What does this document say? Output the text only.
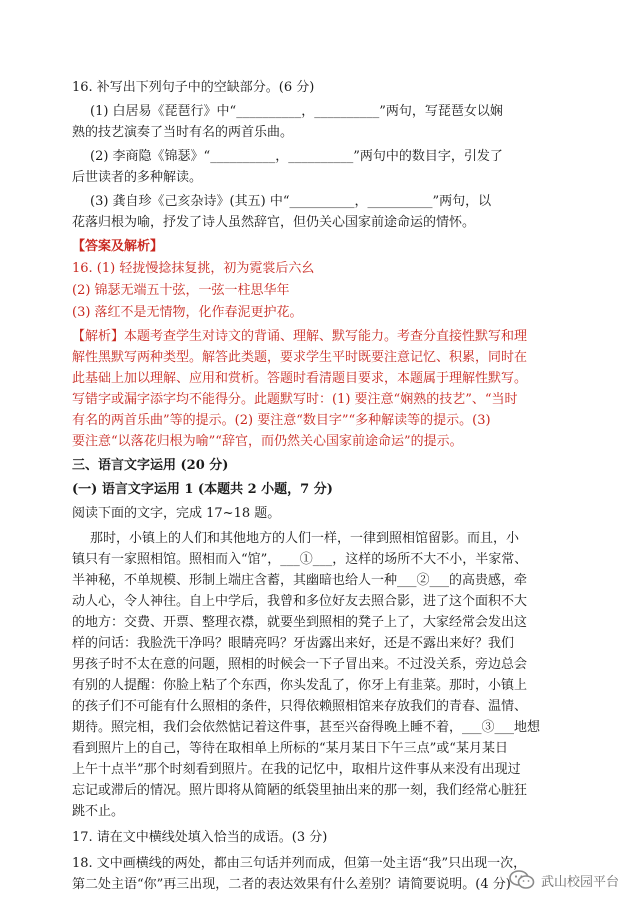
16. 补写出下列句子中的空缺部分。(6 分)
(1) 白居易《琵琶行》中“__________，__________”两句，写琵琶女以娴
熟的技艺演奏了当时有名的两首乐曲。
(2) 李商隐《锦瑟》“__________，__________”两句中的数目字，引发了
后世读者的多种解读。
(3) 龚自珍《己亥杂诗》(其五) 中“__________，__________”两句，以
花落归根为喻，抒发了诗人虽然辞官，但仍关心国家前途命运的情怀。
【答案及解析】
16. (1) 轻拢慢捻抹复挑，初为霓裳后六幺
(2) 锦瑟无端五十弦，一弦一柱思华年
(3) 落红不是无情物，化作春泥更护花。
【解析】本题考查学生对诗文的背诵、理解、默写能力。考查分直接性默写和理
解性黑默写两种类型。解答此类题，要求学生平时既要注意记忆、积累，同时在
此基础上加以理解、应用和赏析。答题时看清题目要求，本题属于理解性默写。
写错字或漏字添字均不能得分。此题默写时：(1) 要注意“娴熟的技艺”、“当时
有名的两首乐曲”等的提示。(2) 要注意“数目字”“多种解读等的提示。(3)
要注意“以落花归根为喻”“辞官，而仍然关心国家前途命运”的提示。
三、语言文字运用 (20 分)
(一) 语言文字运用 1 (本题共 2 小题，7 分)
阅读下面的文字，完成 17~18 题。
那时，小镇上的人们和其他地方的人们一样，一律到照相馆留影。而且，小
镇只有一家照相馆。照相而入“馆”，___①___，这样的场所不大不小，半家常、
半神秘，不单规模、形制上端庄含蓄，其幽暗也给人一种___②___的高贵感，牵
动人心，令人神往。自上中学后，我曾和多位好友去照合影，进了这个面积不大
的地方：交费、开票、整理衣襟，就要坐到照相的凳子上了，大家经常会发出这
样的问话：我脸洗干净吗？眼睛亮吗？牙齿露出来好，还是不露出来好？我们
男孩子时不太在意的问题，照相的时候会一下子冒出来。不过没关系，旁边总会
有别的人提醒：你脸上粘了个东西，你头发乱了，你牙上有韭菜。那时，小镇上
的孩子们不可能有什么照相的条件，只得依赖照相馆来存放我们的青春、温情、
期待。照完相，我们会依然惦记着这件事，甚至兴奋得晚上睡不着，___③___地想
看到照片上的自己，等待在取相单上所标的“某月某日下午三点”或“某月某日
上午十点半”那个时刻看到照片。在我的记忆中，取相片这件事从来没有出现过
忘记或滞后的情况。照片即将从简陋的纸袋里抽出来的那一刻，我们经常心脏狂
跳不止。
17. 请在文中横线处填入恰当的成语。(3 分)
18. 文中画横线的两处，都由三句话并列而成，但第一处主语“我”只出现一次，
第二处主语“你”再三出现，二者的表达效果有什么差别？请简要说明。(4 分) 武山校园平台
